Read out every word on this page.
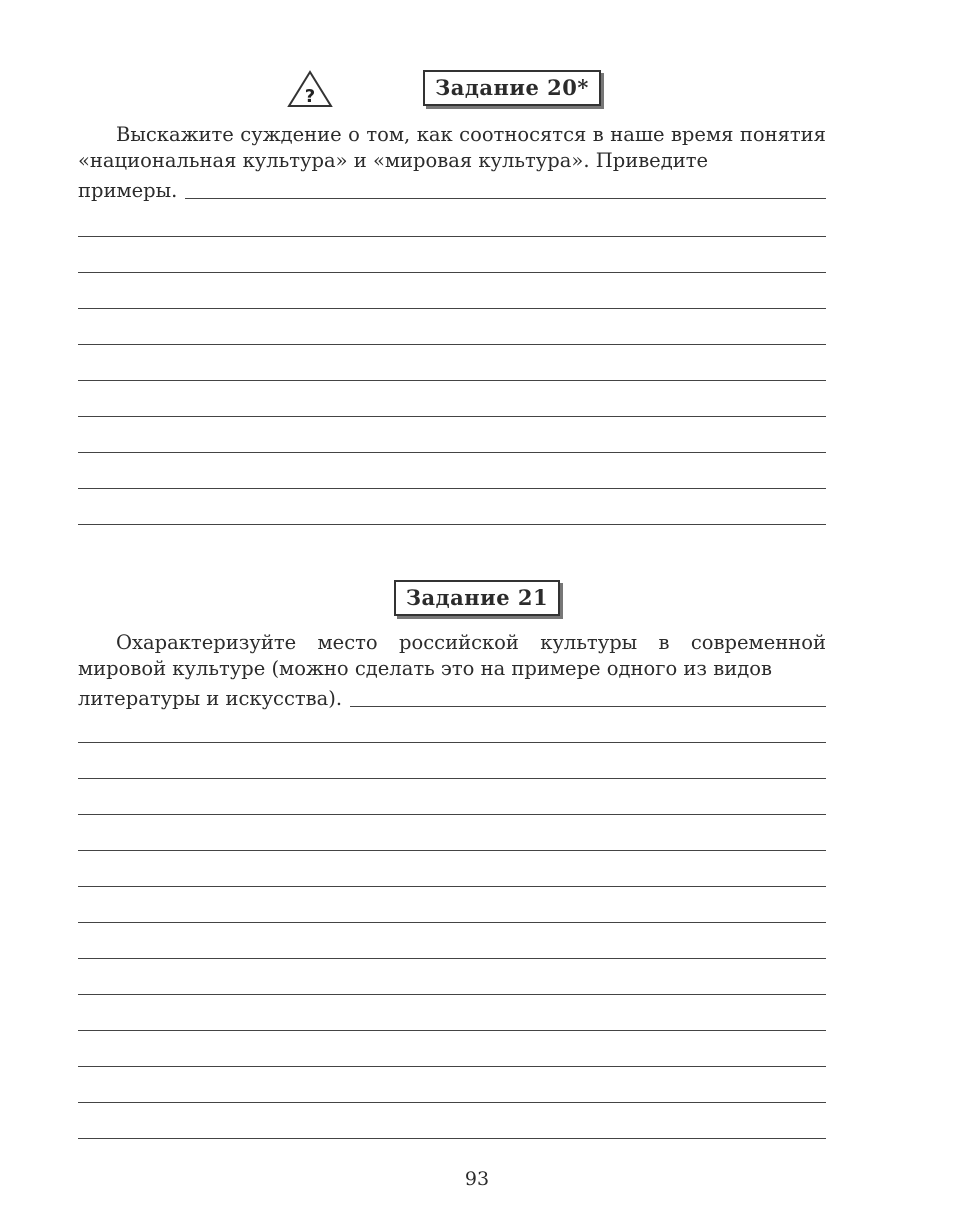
?	Задание 20*
Выскажите суждение о том, как соотносятся в наше время понятия «национальная культура» и «мировая культура». Приведите
примеры.
Задание 21
Охарактеризуйте место российской культуры в современной мировой культуре (можно сделать это на примере одного из видов
литературы и искусства).
93
